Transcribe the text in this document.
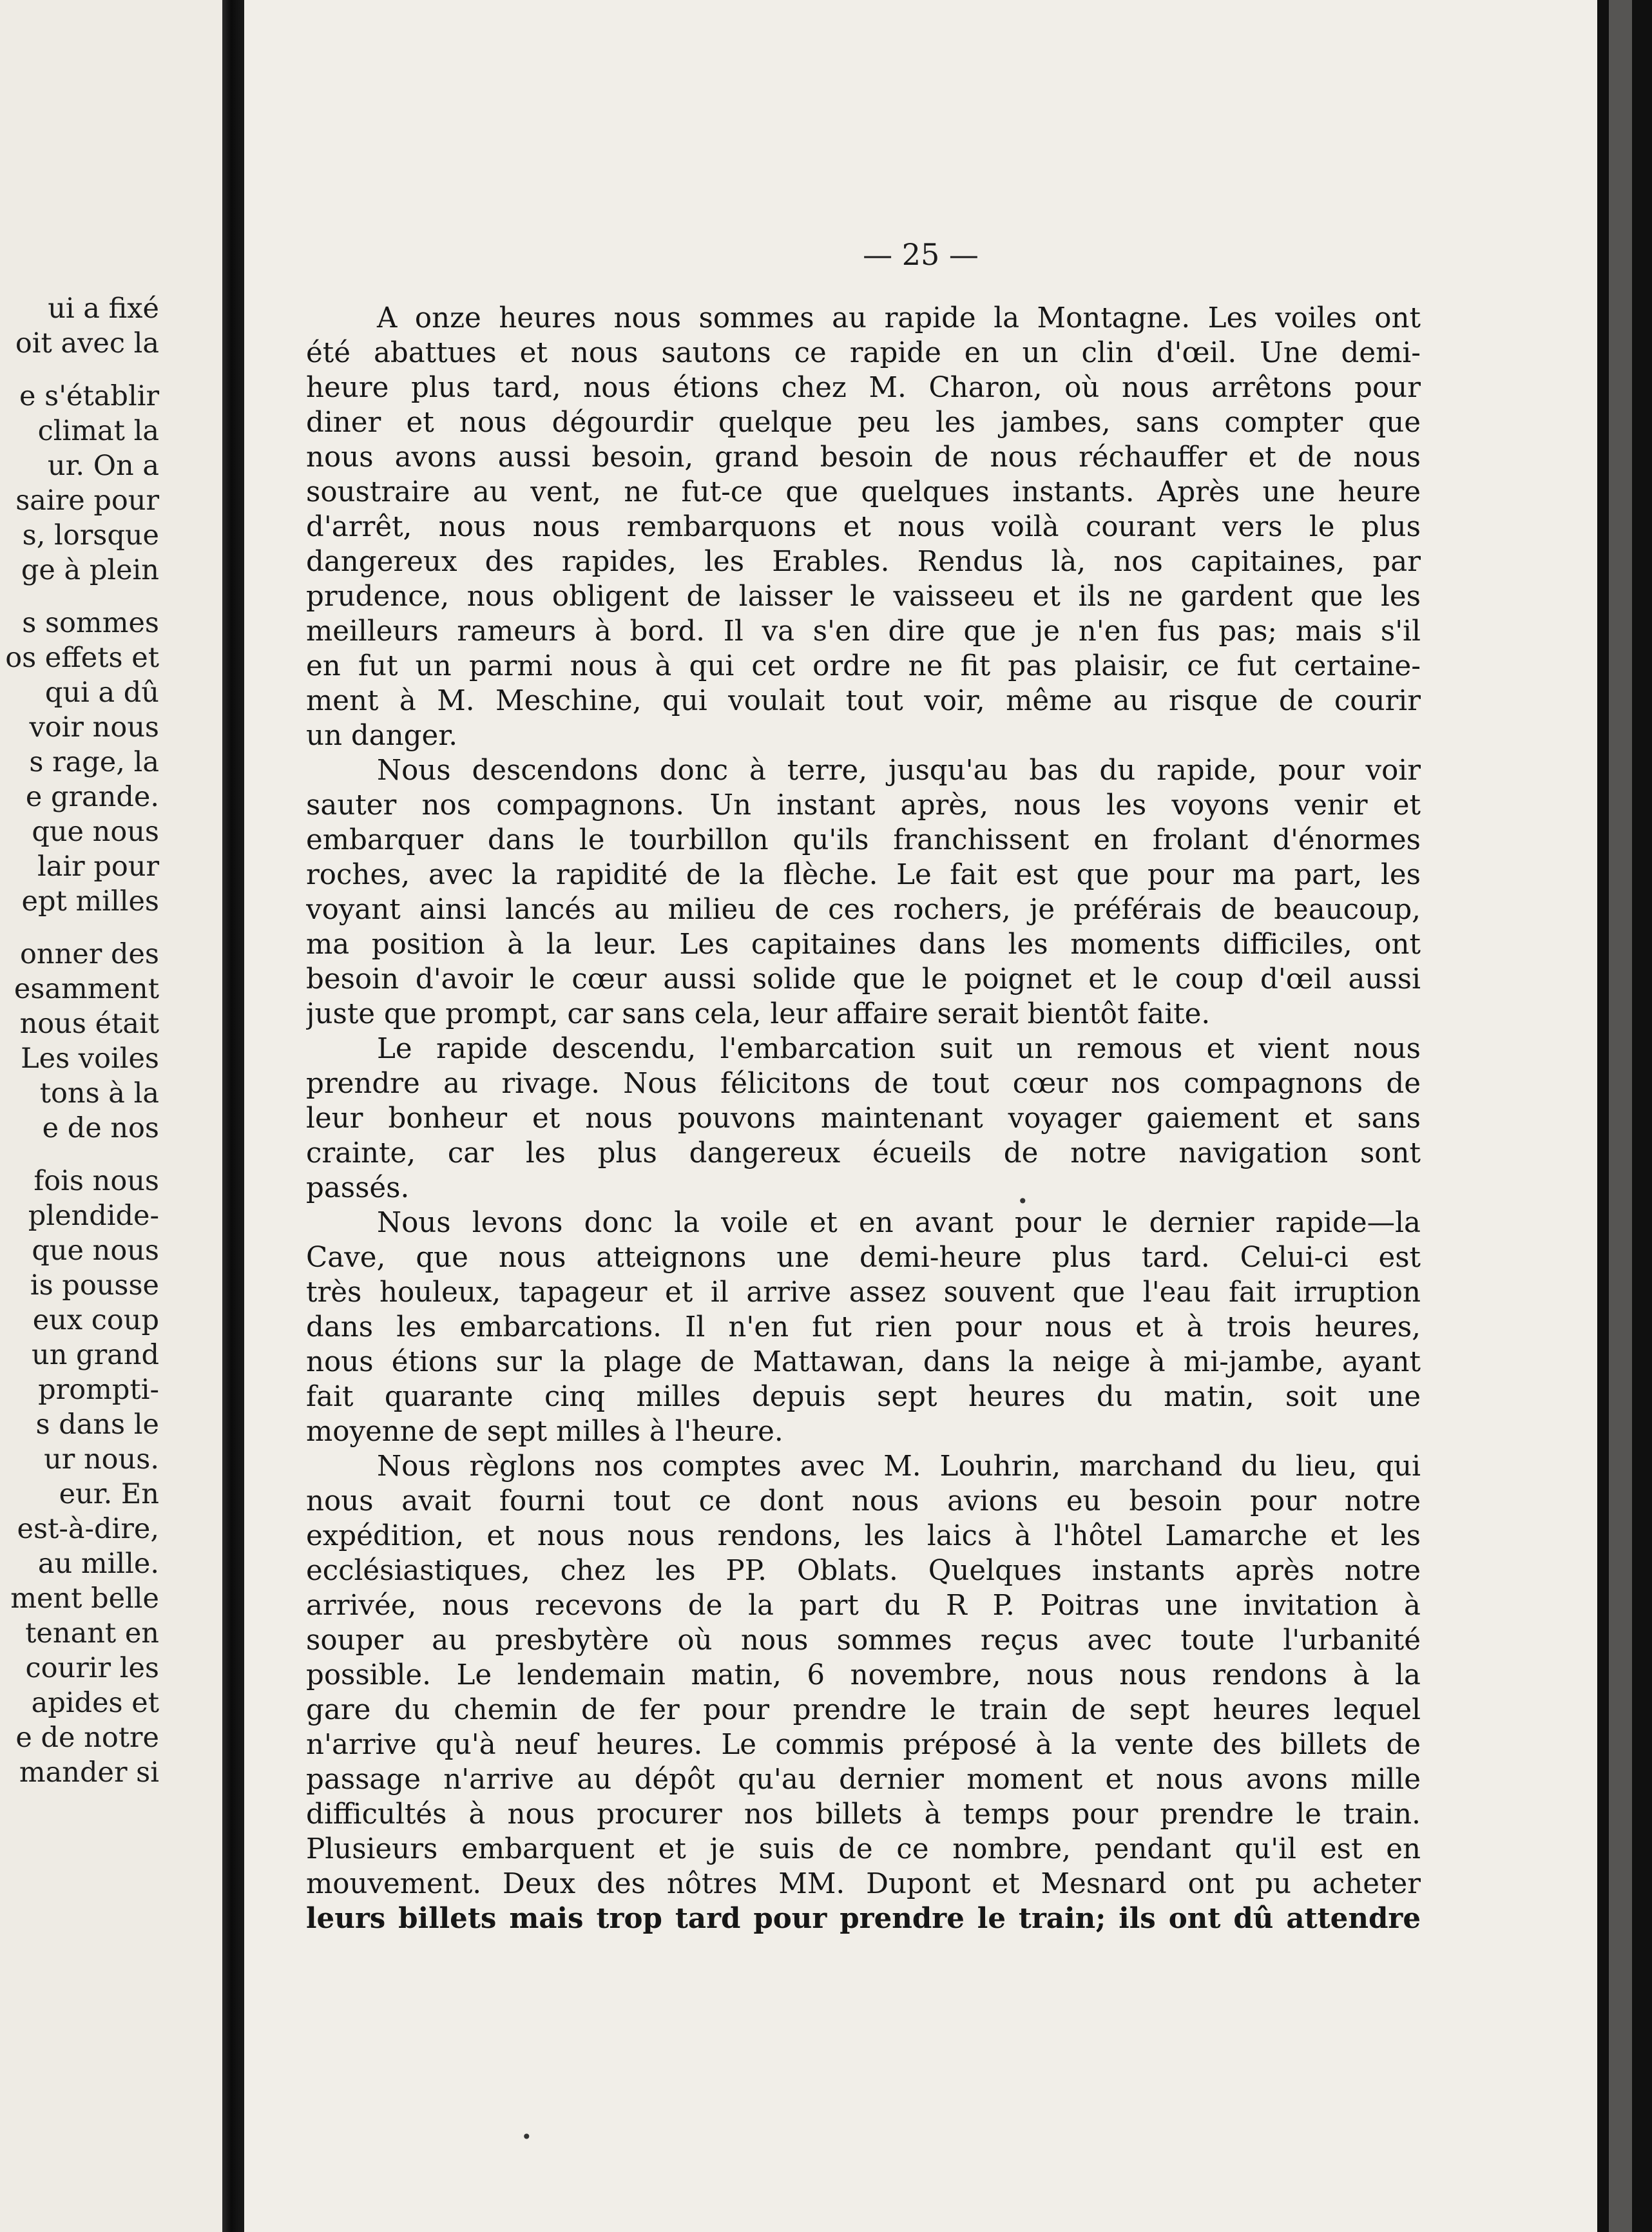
ui a fixé
oit avec la
e s'établir
climat la
ur. On a
saire pour
s, lorsque
ge à plein
s sommes
os effets et
qui a dû
voir nous
s rage, la
e grande.
que nous
lair pour
ept milles
onner des
esamment
nous était
Les voiles
tons à la
e de nos
fois nous
plendide-
que nous
is pousse
eux coup
un grand
prompti-
s dans le
ur nous.
eur. En
est-à-dire,
au mille.
ment belle
tenant en
courir les
apides et
e de notre
mander si
— 25 —
A onze heures nous sommes au rapide la Montagne. Les voiles ont
été abattues et nous sautons ce rapide en un clin d'œil. Une demi-
heure plus tard, nous étions chez M. Charon, où nous arrêtons pour
diner et nous dégourdir quelque peu les jambes, sans compter que
nous avons aussi besoin, grand besoin de nous réchauffer et de nous
soustraire au vent, ne fut-ce que quelques instants. Après une heure
d'arrêt, nous nous rembarquons et nous voilà courant vers le plus
dangereux des rapides, les Erables. Rendus là, nos capitaines, par
prudence, nous obligent de laisser le vaisseeu et ils ne gardent que les
meilleurs rameurs à bord. Il va s'en dire que je n'en fus pas; mais s'il
en fut un parmi nous à qui cet ordre ne fit pas plaisir, ce fut certaine-
ment à M. Meschine, qui voulait tout voir, même au risque de courir
un danger.
Nous descendons donc à terre, jusqu'au bas du rapide, pour voir
sauter nos compagnons. Un instant après, nous les voyons venir et
embarquer dans le tourbillon qu'ils franchissent en frolant d'énormes
roches, avec la rapidité de la flèche. Le fait est que pour ma part, les
voyant ainsi lancés au milieu de ces rochers, je préférais de beaucoup,
ma position à la leur. Les capitaines dans les moments difficiles, ont
besoin d'avoir le cœur aussi solide que le poignet et le coup d'œil aussi
juste que prompt, car sans cela, leur affaire serait bientôt faite.
Le rapide descendu, l'embarcation suit un remous et vient nous
prendre au rivage. Nous félicitons de tout cœur nos compagnons de
leur bonheur et nous pouvons maintenant voyager gaiement et sans
crainte, car les plus dangereux écueils de notre navigation sont
passés.
Nous levons donc la voile et en avant pour le dernier rapide—la
Cave, que nous atteignons une demi-heure plus tard. Celui-ci est
très houleux, tapageur et il arrive assez souvent que l'eau fait irruption
dans les embarcations. Il n'en fut rien pour nous et à trois heures,
nous étions sur la plage de Mattawan, dans la neige à mi-jambe, ayant
fait quarante cinq milles depuis sept heures du matin, soit une
moyenne de sept milles à l'heure.
Nous règlons nos comptes avec M. Louhrin, marchand du lieu, qui
nous avait fourni tout ce dont nous avions eu besoin pour notre
expédition, et nous nous rendons, les laics à l'hôtel Lamarche et les
ecclésiastiques, chez les PP. Oblats. Quelques instants après notre
arrivée, nous recevons de la part du R P. Poitras une invitation à
souper au presbytère où nous sommes reçus avec toute l'urbanité
possible. Le lendemain matin, 6 novembre, nous nous rendons à la
gare du chemin de fer pour prendre le train de sept heures lequel
n'arrive qu'à neuf heures. Le commis préposé à la vente des billets de
passage n'arrive au dépôt qu'au dernier moment et nous avons mille
difficultés à nous procurer nos billets à temps pour prendre le train.
Plusieurs embarquent et je suis de ce nombre, pendant qu'il est en
mouvement. Deux des nôtres MM. Dupont et Mesnard ont pu acheter
leurs billets mais trop tard pour prendre le train; ils ont dû attendre
•
•
